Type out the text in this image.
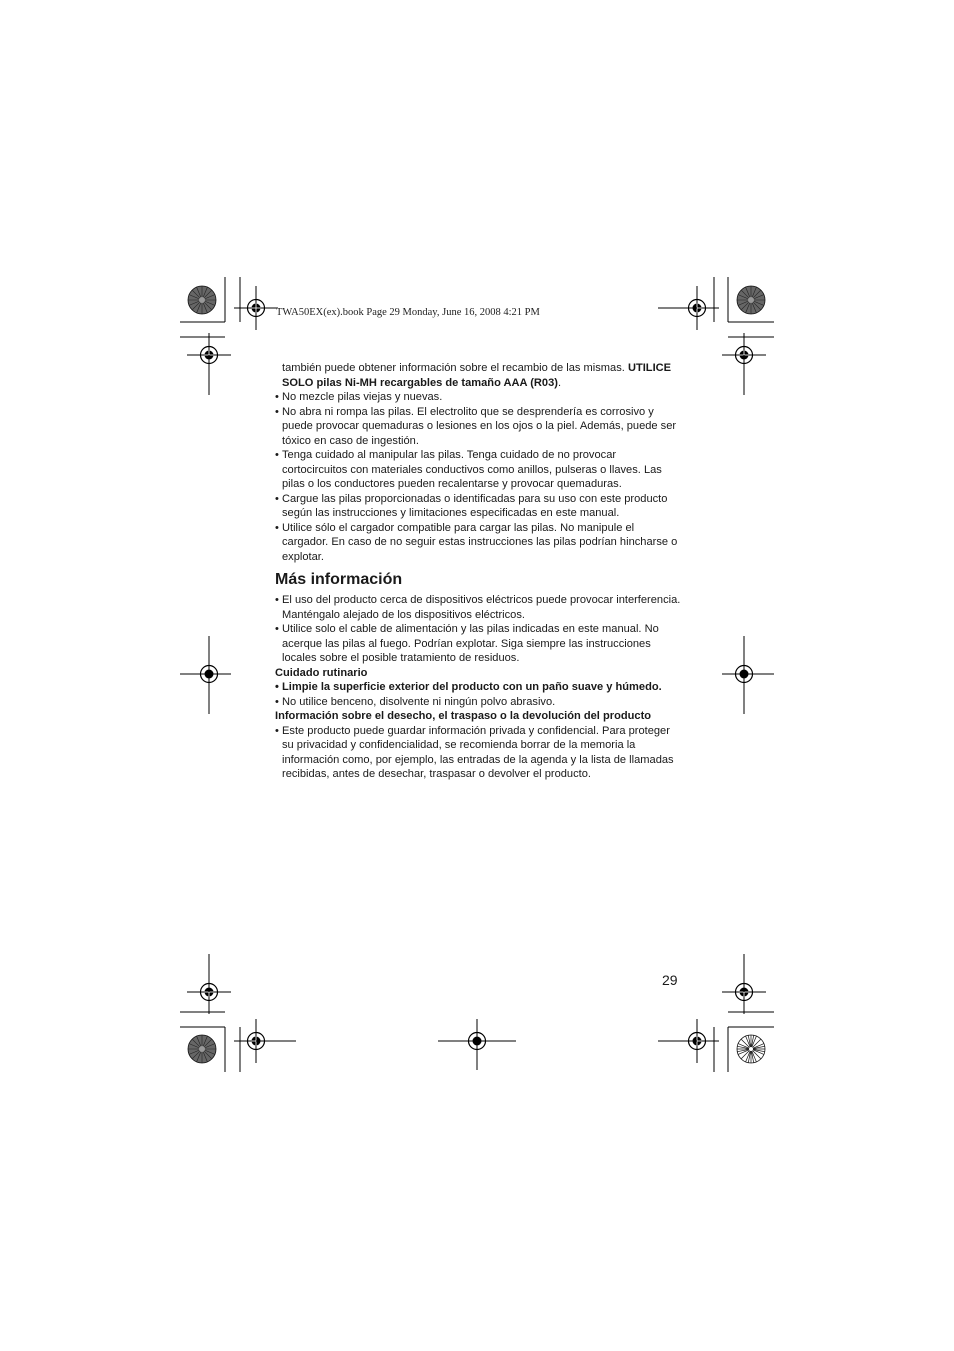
TWA50EX(ex).book Page 29 Monday, June 16, 2008 4:21 PM

también puede obtener información sobre el recambio de las mismas. UTILICE SOLO pilas Ni-MH recargables de tamaño AAA (R03).

• No mezcle pilas viejas y nuevas.

• No abra ni rompa las pilas. El electrolito que se desprendería es corrosivo y puede provocar quemaduras o lesiones en los ojos o la piel. Además, puede ser tóxico en caso de ingestión.

• Tenga cuidado al manipular las pilas. Tenga cuidado de no provocar cortocircuitos con materiales conductivos como anillos, pulseras o llaves. Las pilas o los conductores pueden recalentarse y provocar quemaduras.

• Cargue las pilas proporcionadas o identificadas para su uso con este producto según las instrucciones y limitaciones especificadas en este manual.

• Utilice sólo el cargador compatible para cargar las pilas. No manipule el cargador. En caso de no seguir estas instrucciones las pilas podrían hincharse o explotar.

Más información

• El uso del producto cerca de dispositivos eléctricos puede provocar interferencia. Manténgalo alejado de los dispositivos eléctricos.

• Utilice solo el cable de alimentación y las pilas indicadas en este manual. No acerque las pilas al fuego. Podrían explotar. Siga siempre las instrucciones locales sobre el posible tratamiento de residuos.

Cuidado rutinario

• Limpie la superficie exterior del producto con un paño suave y húmedo.

• No utilice benceno, disolvente ni ningún polvo abrasivo.

Información sobre el desecho, el traspaso o la devolución del producto

• Este producto puede guardar información privada y confidencial. Para proteger su privacidad y confidencialidad, se recomienda borrar de la memoria la información como, por ejemplo, las entradas de la agenda y la lista de llamadas recibidas, antes de desechar, traspasar o devolver el producto.

29
